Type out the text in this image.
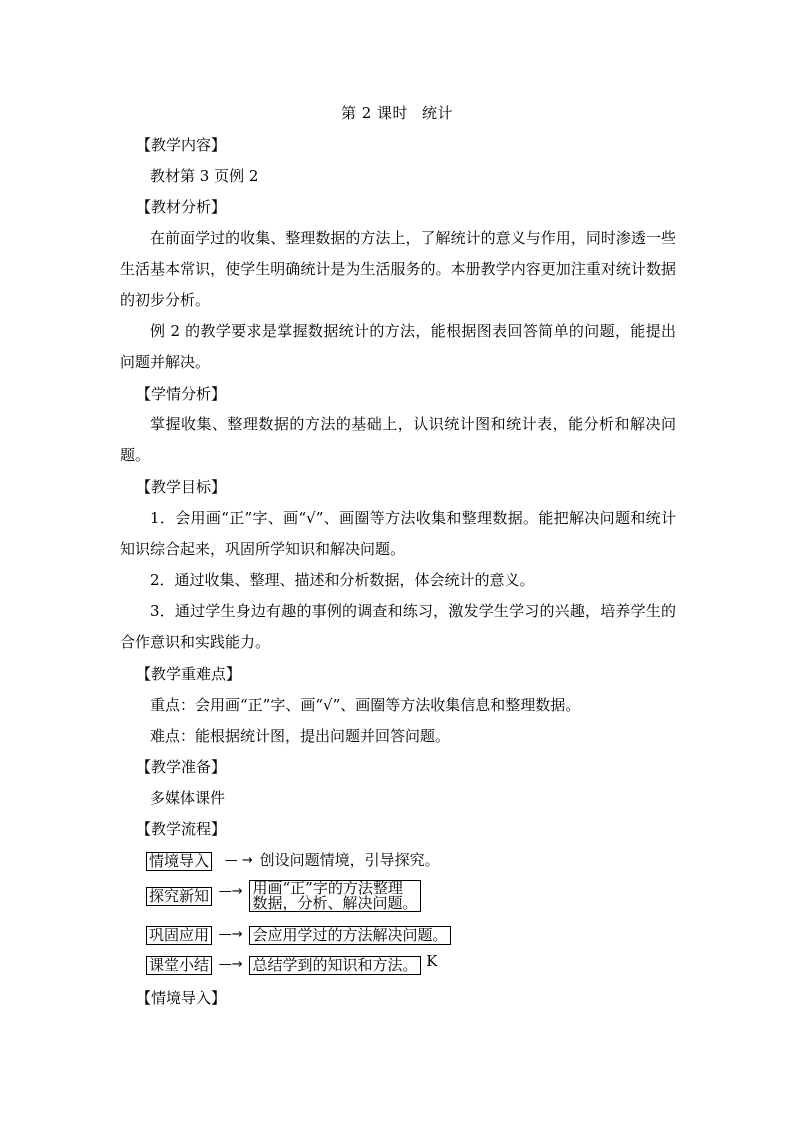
第 2 课时 统计
【教学内容】
教材第 3 页例 2
【教材分析】
在前面学过的收集、整理数据的方法上，了解统计的意义与作用，同时渗透一些生活基本常识，使学生明确统计是为生活服务的。本册教学内容更加注重对统计数据的初步分析。
例 2 的教学要求是掌握数据统计的方法，能根据图表回答简单的问题，能提出问题并解决。
【学情分析】
掌握收集、整理数据的方法的基础上，认识统计图和统计表，能分析和解决问题。
【教学目标】
1．会用画“正”字、画“√”、画圈等方法收集和整理数据。能把解决问题和统计知识综合起来，巩固所学知识和解决问题。
2．通过收集、整理、描述和分析数据，体会统计的意义。
3．通过学生身边有趣的事例的调查和练习，激发学生学习的兴趣，培养学生的合作意识和实践能力。
【教学重难点】
重点：会用画“正”字、画“√”、画圈等方法收集信息和整理数据。
难点：能根据统计图，提出问题并回答问题。
【教学准备】
多媒体课件
【教学流程】
情境导入 — → 创设问题情境，引导探究。
探究新知 —→ 用画“正”字的方法整理
数据，分析、解决问题。
巩固应用 —→ 会应用学过的方法解决问题。
课堂小结 —→ 总结学到的知识和方法。 K
【情境导入】
